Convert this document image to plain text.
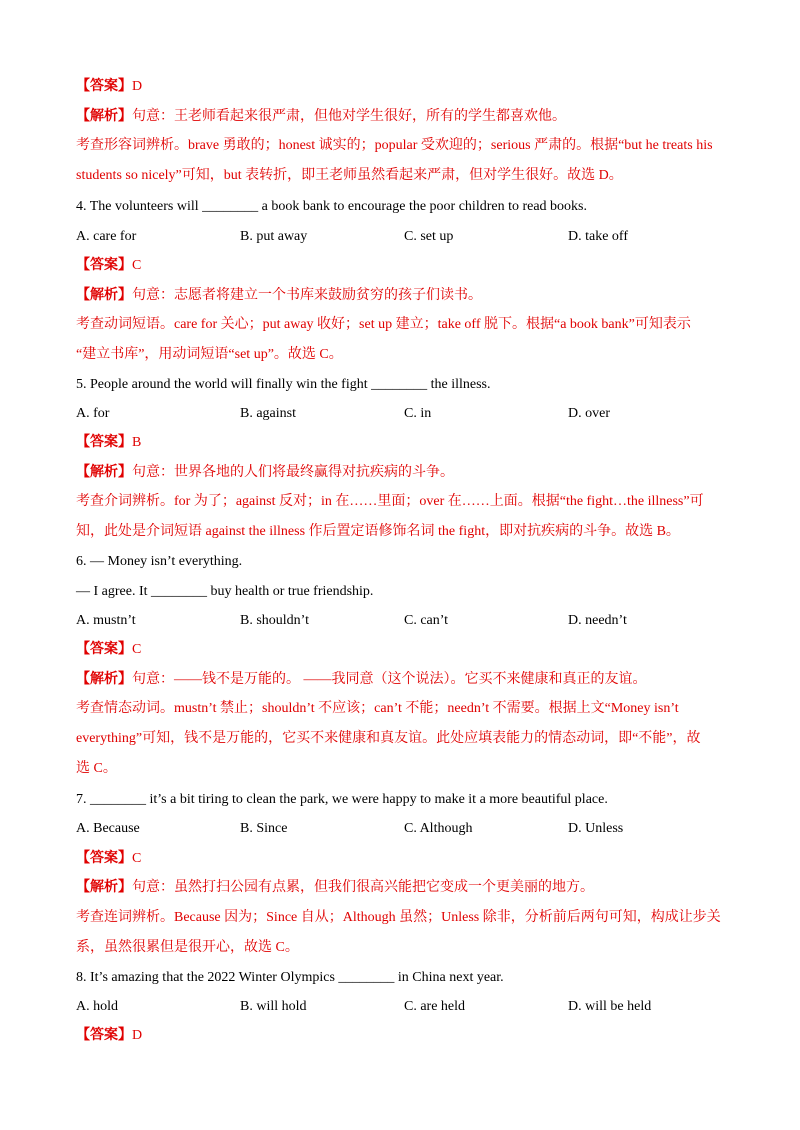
【答案】D
【解析】句意：王老师看起来很严肃，但他对学生很好，所有的学生都喜欢他。
考查形容词辨析。brave 勇敢的；honest 诚实的；popular 受欢迎的；serious 严肃的。根据“but he treats his
students so nicely”可知，but 表转折，即王老师虽然看起来严肃，但对学生很好。故选 D。
4. The volunteers will ________ a book bank to encourage the poor children to read books.
A. care for	B. put away	C. set up	D. take off
【答案】C
【解析】句意：志愿者将建立一个书库来鼓励贫穷的孩子们读书。
考查动词短语。care for 关心；put away 收好；set up 建立；take off 脱下。根据“a book bank”可知表示
“建立书库”，用动词短语“set up”。故选 C。
5. People around the world will finally win the fight ________ the illness.
A. for	B. against	C. in	D. over
【答案】B
【解析】句意：世界各地的人们将最终赢得对抗疾病的斗争。
考查介词辨析。for 为了；against 反对；in 在……里面；over 在……上面。根据“the fight…the illness”可
知，此处是介词短语 against the illness 作后置定语修饰名词 the fight，即对抗疾病的斗争。故选 B。
6. — Money isn’t everything.
— I agree. It ________ buy health or true friendship.
A. mustn’t	B. shouldn’t	C. can’t	D. needn’t
【答案】C
【解析】句意：——钱不是万能的。 ——我同意（这个说法）。它买不来健康和真正的友谊。
考查情态动词。mustn’t 禁止；shouldn’t 不应该；can’t 不能；needn’t 不需要。根据上文“Money isn’t
everything”可知，钱不是万能的，它买不来健康和真友谊。此处应填表能力的情态动词，即“不能”，故
选 C。
7. ________ it’s a bit tiring to clean the park, we were happy to make it a more beautiful place.
A. Because	B. Since	C. Although	D. Unless
【答案】C
【解析】句意：虽然打扫公园有点累，但我们很高兴能把它变成一个更美丽的地方。
考查连词辨析。Because 因为；Since 自从；Although 虽然；Unless 除非，分析前后两句可知，构成让步关
系，虽然很累但是很开心，故选 C。
8. It’s amazing that the 2022 Winter Olympics ________ in China next year.
A. hold	B. will hold	C. are held	D. will be held
【答案】D
